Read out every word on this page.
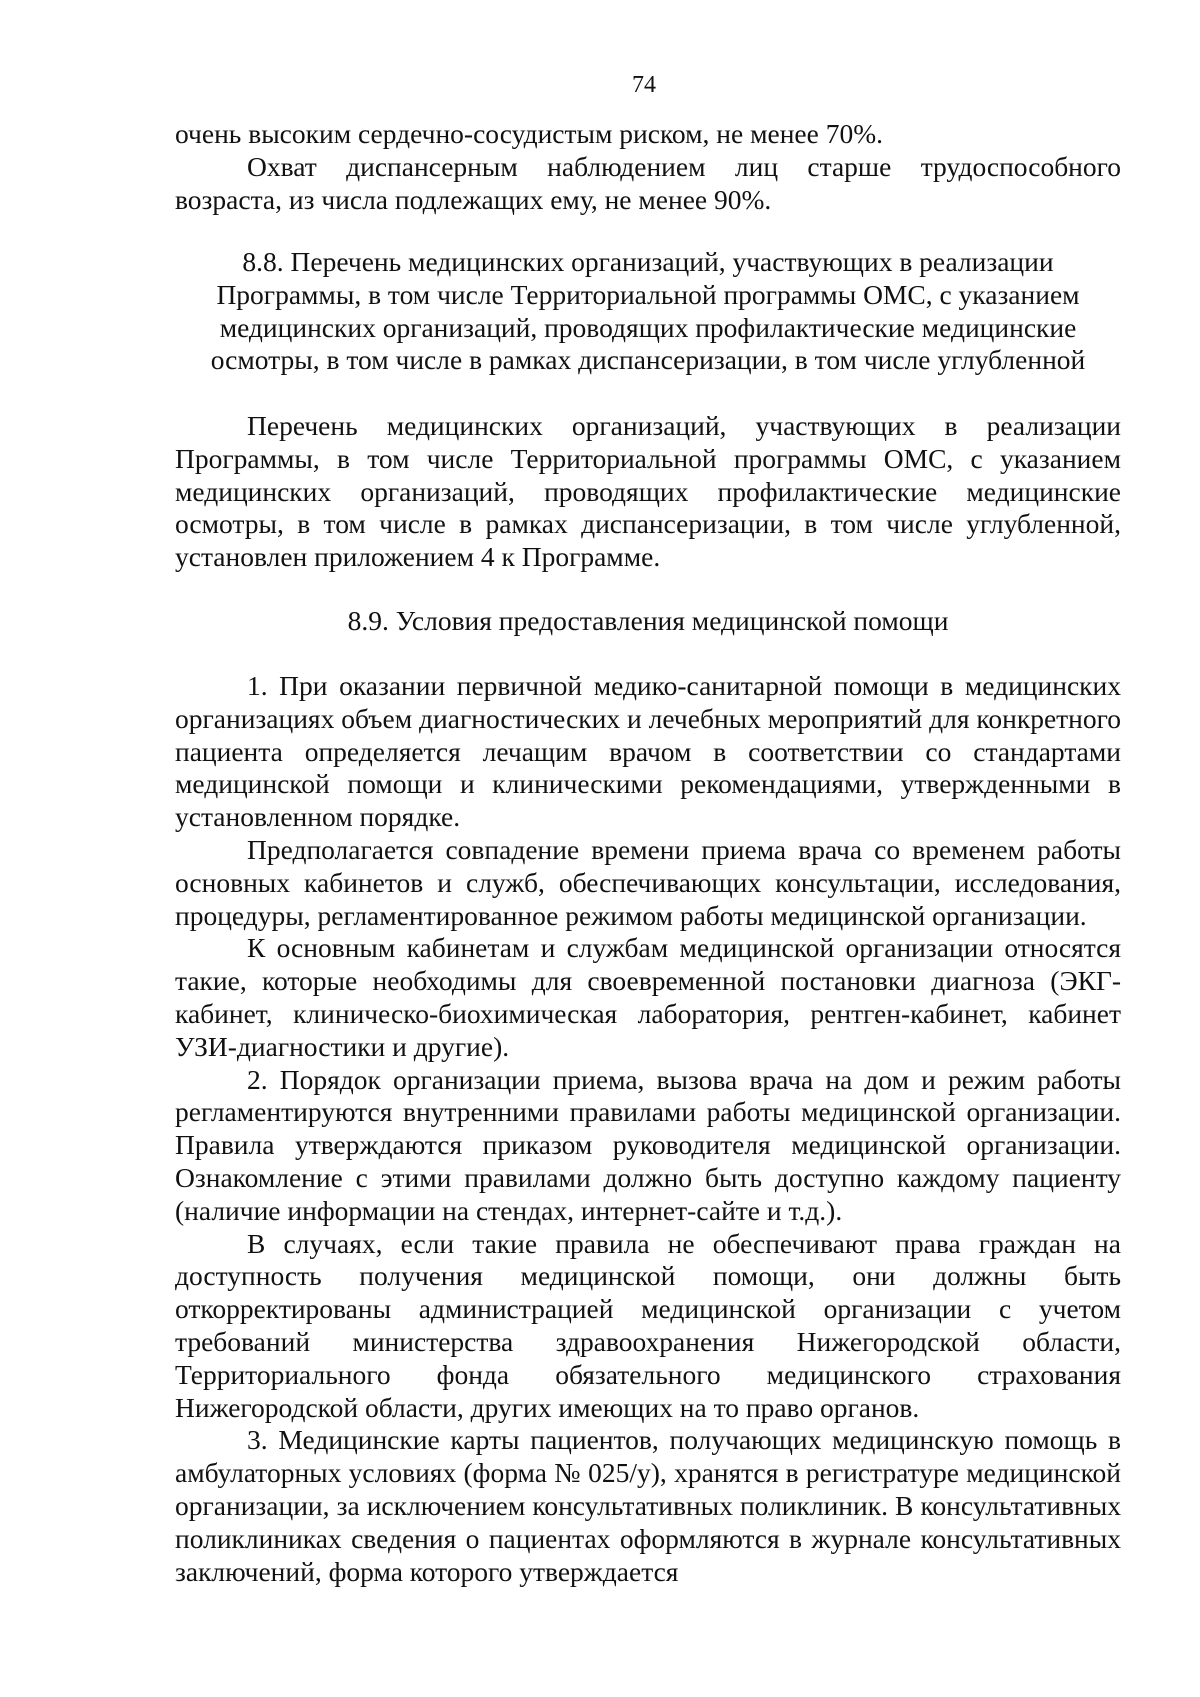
74

очень высоким сердечно-сосудистым риском, не менее 70%.

Охват диспансерным наблюдением лиц старше трудоспособного возраста, из числа подлежащих ему, не менее 90%.

8.8. Перечень медицинских организаций, участвующих в реализации
Программы, в том числе Территориальной программы ОМС, с указанием
медицинских организаций, проводящих профилактические медицинские
осмотры, в том числе в рамках диспансеризации, в том числе углубленной

Перечень медицинских организаций, участвующих в реализации Программы, в том числе Территориальной программы ОМС, с указанием медицинских организаций, проводящих профилактические медицинские осмотры, в том числе в рамках диспансеризации, в том числе углубленной, установлен приложением 4 к Программе.

8.9. Условия предоставления медицинской помощи

1. При оказании первичной медико-санитарной помощи в медицинских организациях объем диагностических и лечебных мероприятий для конкретного пациента определяется лечащим врачом в соответствии со стандартами медицинской помощи и клиническими рекомендациями, утвержденными в установленном порядке.

Предполагается совпадение времени приема врача со временем работы основных кабинетов и служб, обеспечивающих консультации, исследования, процедуры, регламентированное режимом работы медицинской организации.

К основным кабинетам и службам медицинской организации относятся такие, которые необходимы для своевременной постановки диагноза (ЭКГ-кабинет, клиническо-биохимическая лаборатория, рентген-кабинет, кабинет УЗИ-диагностики и другие).

2. Порядок организации приема, вызова врача на дом и режим работы регламентируются внутренними правилами работы медицинской организации. Правила утверждаются приказом руководителя медицинской организации. Ознакомление с этими правилами должно быть доступно каждому пациенту (наличие информации на стендах, интернет-сайте и т.д.).

В случаях, если такие правила не обеспечивают права граждан на доступность получения медицинской помощи, они должны быть откорректированы администрацией медицинской организации с учетом требований министерства здравоохранения Нижегородской области, Территориального фонда обязательного медицинского страхования Нижегородской области, других имеющих на то право органов.

3. Медицинские карты пациентов, получающих медицинскую помощь в амбулаторных условиях (форма № 025/у), хранятся в регистратуре медицинской организации, за исключением консультативных поликлиник. В консультативных поликлиниках сведения о пациентах оформляются в журнале консультативных заключений, форма которого утверждается
